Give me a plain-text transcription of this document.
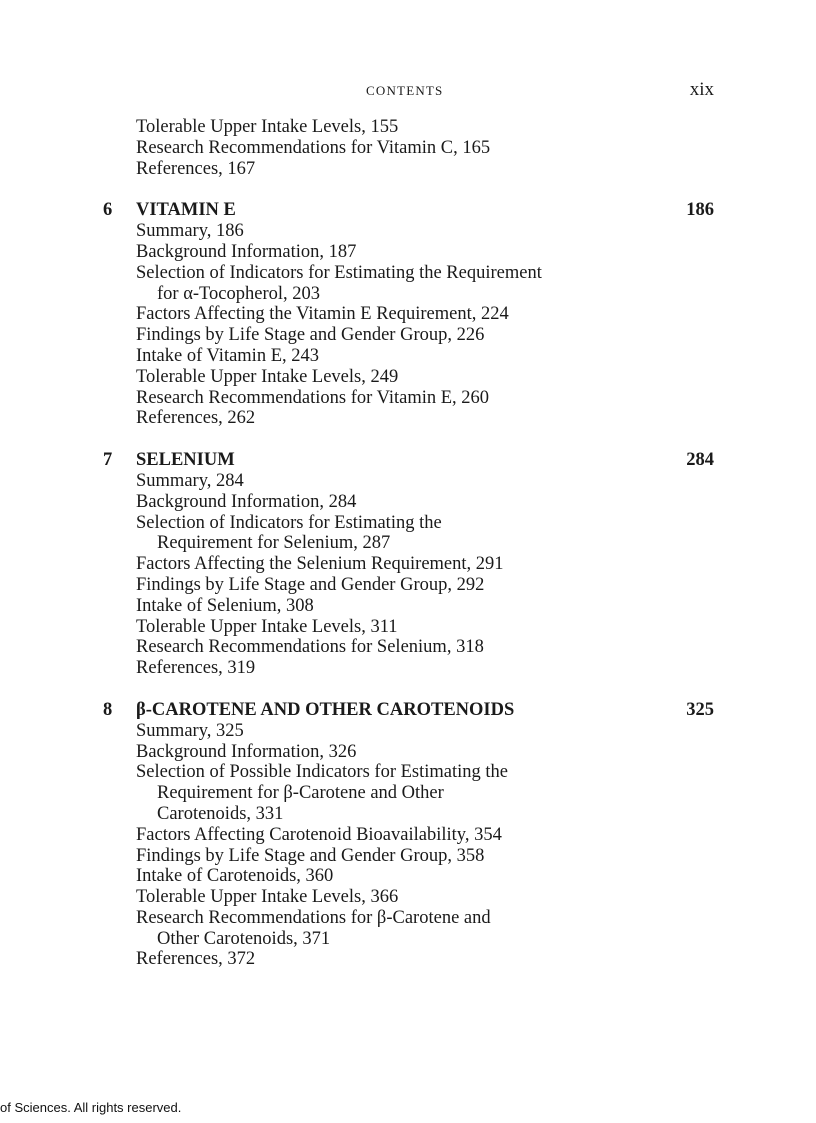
CONTENTS	xix
Tolerable Upper Intake Levels, 155
Research Recommendations for Vitamin C, 165
References, 167
6 VITAMIN E	186
Summary, 186
Background Information, 187
Selection of Indicators for Estimating the Requirement
for α-Tocopherol, 203
Factors Affecting the Vitamin E Requirement, 224
Findings by Life Stage and Gender Group, 226
Intake of Vitamin E, 243
Tolerable Upper Intake Levels, 249
Research Recommendations for Vitamin E, 260
References, 262
7 SELENIUM	284
Summary, 284
Background Information, 284
Selection of Indicators for Estimating the
Requirement for Selenium, 287
Factors Affecting the Selenium Requirement, 291
Findings by Life Stage and Gender Group, 292
Intake of Selenium, 308
Tolerable Upper Intake Levels, 311
Research Recommendations for Selenium, 318
References, 319
8 β-CAROTENE AND OTHER CAROTENOIDS	325
Summary, 325
Background Information, 326
Selection of Possible Indicators for Estimating the
Requirement for β-Carotene and Other
Carotenoids, 331
Factors Affecting Carotenoid Bioavailability, 354
Findings by Life Stage and Gender Group, 358
Intake of Carotenoids, 360
Tolerable Upper Intake Levels, 366
Research Recommendations for β-Carotene and
Other Carotenoids, 371
References, 372
of Sciences. All rights reserved.
